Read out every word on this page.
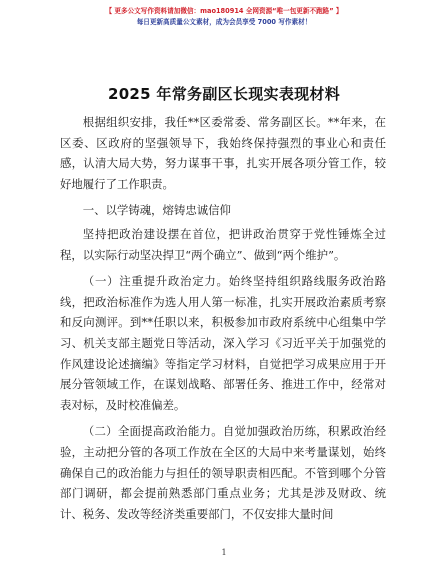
【 更多公文写作资料请加微信：mao180914 全网资源“唯一包更新不跑路” 】
每日更新高质量公文素材，成为会员享受 7000 写作素材！
2025 年常务副区长现实表现材料

根据组织安排，我任**区委常委、常务副区长。**年来，在区委、区政府的坚强领导下，我始终保持强烈的事业心和责任感，认清大局大势，努力谋事干事，扎实开展各项分管工作，较好地履行了工作职责。

一、以学铸魂，熔铸忠诚信仰

坚持把政治建设摆在首位，把讲政治贯穿于党性锤炼全过程，以实际行动坚决捍卫“两个确立”、做到“两个维护”。

（一）注重提升政治定力。始终坚持组织路线服务政治路线，把政治标准作为选人用人第一标准，扎实开展政治素质考察和反向测评。到**任职以来，积极参加市政府系统中心组集中学习、机关支部主题党日等活动，深入学习《习近平关于加强党的作风建设论述摘编》等指定学习材料，自觉把学习成果应用于开展分管领域工作，在谋划战略、部署任务、推进工作中，经常对表对标，及时校准偏差。

（二）全面提高政治能力。自觉加强政治历练，积累政治经验，主动把分管的各项工作放在全区的大局中来考量谋划，始终确保自己的政治能力与担任的领导职责相匹配。不管到哪个分管部门调研，都会提前熟悉部门重点业务；尤其是涉及财政、统计、税务、发改等经济类重要部门，不仅安排大量时间

1
